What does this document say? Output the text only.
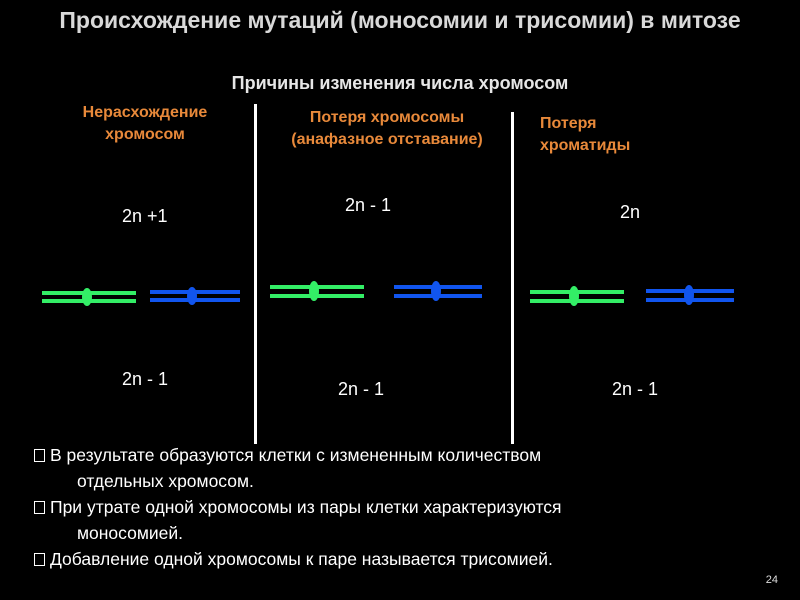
Происхождение мутаций (моносомии и трисомии) в митозе
Причины изменения числа хромосом
Нерасхождение
хромосом
Потеря хромосомы
(анафазное отставание)
Потеря
хроматиды
2n +1
2n - 1	2n
2n - 1	2n - 1	2n - 1
В результате образуются клетки с измененным количеством
отдельных хромосом.
При утрате одной хромосомы из пары клетки характеризуются
моносомией.
Добавление одной хромосомы к паре называется трисомией.
24
